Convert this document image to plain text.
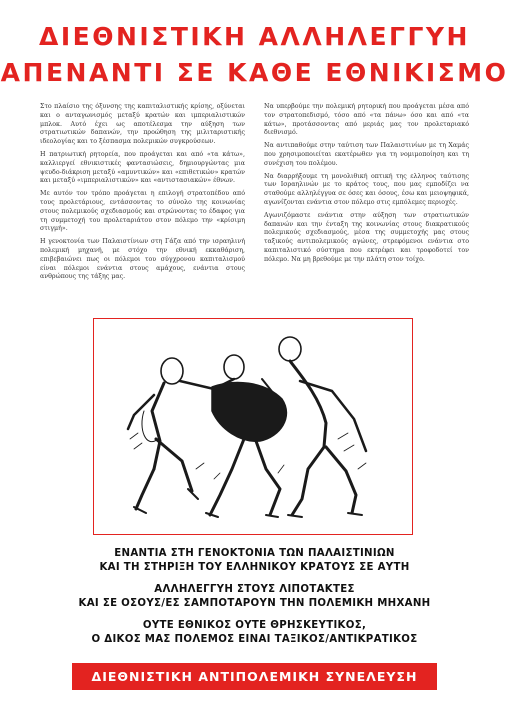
ΔΙΕΘΝΙΣΤΙΚΗ ΑΛΛΗΛΕΓΓΥΗ
ΑΠΕΝΑΝΤΙ ΣΕ ΚΑΘΕ ΕΘΝΙΚΙΣΜΟ

Στο πλαίσιο της όξυνσης της καπιταλιστικής κρίσης, οξύνεται και ο ανταγωνισμός μεταξύ κρατών και ιμπεριαλιστικών μπλοκ. Αυτό έχει ως αποτέλεσμα την αύξηση των στρατιωτικών δαπανών, την προώθηση της μιλιταριστικής ιδεολογίας και το ξέσπασμα πολεμικών συγκρούσεων.

Η πατριωτική ρητορεία, που προάγεται και από «τα κάτω», καλλιεργεί εθνικιστικές φαντασιώσεις, δημιουργώντας μια ψευδο-διάκριση μεταξύ «αμυντικών» και «επιθετικών» κρατών και μεταξύ «ιμπεριαλιστικών» και «αντιστασιακών» έθνων.

Με αυτόν τον τρόπο προάγεται η επιλογή στρατοπέδου από τους προλετάριους, εντάσσοντας το σύνολο της κοινωνίας στους πολεμικούς σχεδιασμούς και στρώνοντας το έδαφος για τη συμμετοχή του προλεταριάτου στον πόλεμο την «κρίσιμη στιγμή».

Η γενοκτονία των Παλαιστίνιων στη Γάζα από την ισραηλινή πολεμική μηχανή, με στόχο την εθνική εκκαθάριση, επιβεβαιώνει πως οι πόλεμοι του σύγχρονου καπιταλισμού είναι πόλεμοι ενάντια στους αμάχους, ενάντια στους ανθρώπους της τάξης μας.

Να υπερβούμε την πολεμική ρητορική που προάγεται μέσα από τον στρατοπεδισμό, τόσο από «τα πάνω» όσο και από «τα κάτω», προτάσσοντας από μεριάς μας τον προλεταριακό διεθνισμό.

Να αντιπαθούμε στην ταύτιση των Παλαιστινίων με τη Χαμάς που χρησιμοποιείται εκατέρωθεν για τη νομιμοποίηση και τη συνέχιση του πολέμου.

Να διαρρήξουμε τη μονολιθική οπτική της ελληνος ταύτισης των Ισραηλινών με το κράτος τους, που μας εμποδίζει να σταθούμε αλληλέγγυα σε όσες και όσους, έσω και μειοψηφικά, αγωνίζονται ενάντια στον πόλεμο στις εμπόλεμες περιοχές.

Αγωνιζόμαστε ενάντια στην αύξηση των στρατιωτικών δαπανών και την ένταξη της κοινωνίας στους διακρατικούς πολεμικούς σχεδιασμούς, μέσα της συμμετοχής μας στους ταξικούς αντιπολεμικούς αγώνες, στρεφόμενοι ενάντια στο καπιταλιστικό σύστημα που εκτρέφει και τροφοδοτεί τον πόλεμο. Να μη βρεθούμε με την πλάτη στον τοίχο.

ΕΝΑΝΤΙΑ ΣΤΗ ΓΕΝΟΚΤΟΝΙΑ ΤΩΝ ΠΑΛΑΙΣΤΙΝΙΩΝ
ΚΑΙ ΤΗ ΣΤΗΡΙΞΗ ΤΟΥ ΕΛΛΗΝΙΚΟΥ ΚΡΑΤΟΥΣ ΣΕ ΑΥΤΗ
ΑΛΛΗΛΕΓΓΥΗ ΣΤΟΥΣ ΛΙΠΟΤΑΚΤΕΣ
ΚΑΙ ΣΕ ΟΣΟΥΣ/ΕΣ ΣΑΜΠΟΤΑΡΟΥΝ ΤΗΝ ΠΟΛΕΜΙΚΗ ΜΗΧΑΝΗ
ΟΥΤΕ ΕΘΝΙΚΟΣ ΟΥΤΕ ΘΡΗΣΚΕΥΤΙΚΟΣ,
Ο ΔΙΚΟΣ ΜΑΣ ΠΟΛΕΜΟΣ ΕΙΝΑΙ ΤΑΞΙΚΟΣ/ΑΝΤΙΚΡΑΤΙΚΟΣ
ΔΙΕΘΝΙΣΤΙΚΗ ΑΝΤΙΠΟΛΕΜΙΚΗ ΣΥΝΕΛΕΥΣΗ
